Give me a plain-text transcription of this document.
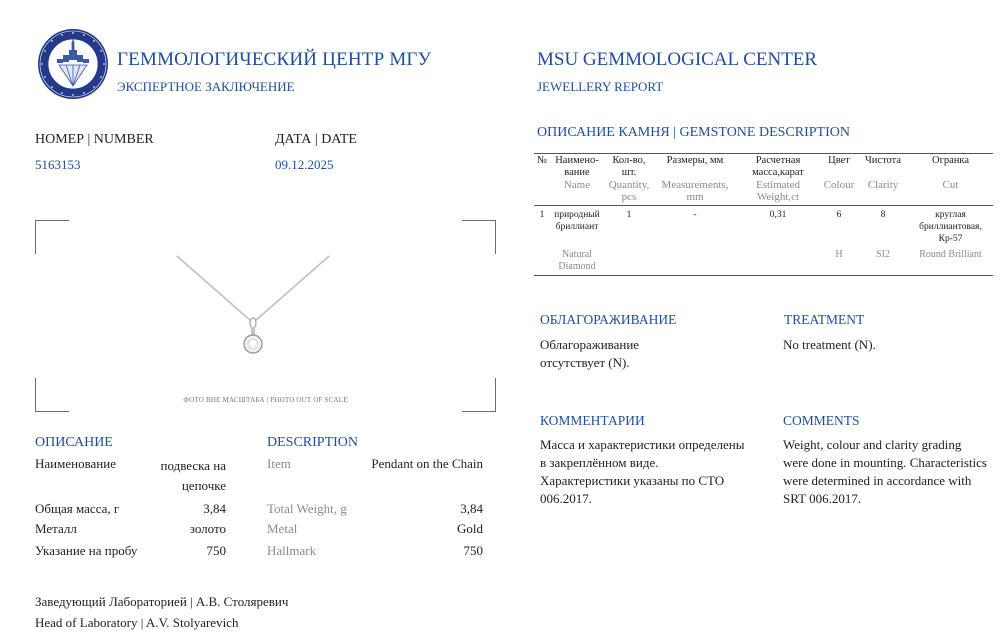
ГЕММОЛОГИЧЕСКИЙ ЦЕНТР МГУ
ЭКСПЕРТНОЕ ЗАКЛЮЧЕНИЕ
MSU GEMMOLOGICAL CENTER
JEWELLERY REPORT
НОМЕР | NUMBER
5163153
ДАТА | DATE
09.12.2025
ФОТО ВНЕ МАСШТАБА | PHOTO OUT OF SCALE
ОПИСАНИЕ
Наименование	подвеска на цепочке
Общая масса, г	3,84
Металл	золото
Указание на пробу	750
DESCRIPTION
Item	Pendant on the Chain
Total Weight, g	3,84
Metal	Gold
Hallmark	750
Заведующий Лабораторией | А.В. Столяревич
Head of Laboratory | A.V. Stolyarevich
ОПИСАНИЕ КАМНЯ | GEMSTONE DESCRIPTION
№	Наимено-вание	Кол-во, шт.	Размеры, мм	Расчетная масса,карат	Цвет	Чистота	Огранка
	Name	Quantity, pcs	Measurements, mm	Estimated Weight,ct	Colour	Clarity	Cut
1	природный бриллиант	1	-	0,31	6	8	круглая бриллиантовая, Кр-57
	Natural Diamond				H	SI2	Round Brilliant
ОБЛАГОРАЖИВАНИЕ
Облагораживание отсутствует (N).
TREATMENT
No treatment (N).
КОММЕНТАРИИ
Масса и характеристики определены в закреплённом виде. Характеристики указаны по СТО 006.2017.
COMMENTS
Weight, colour and clarity grading were done in mounting. Characteristics were determined in accordance with SRT 006.2017.
